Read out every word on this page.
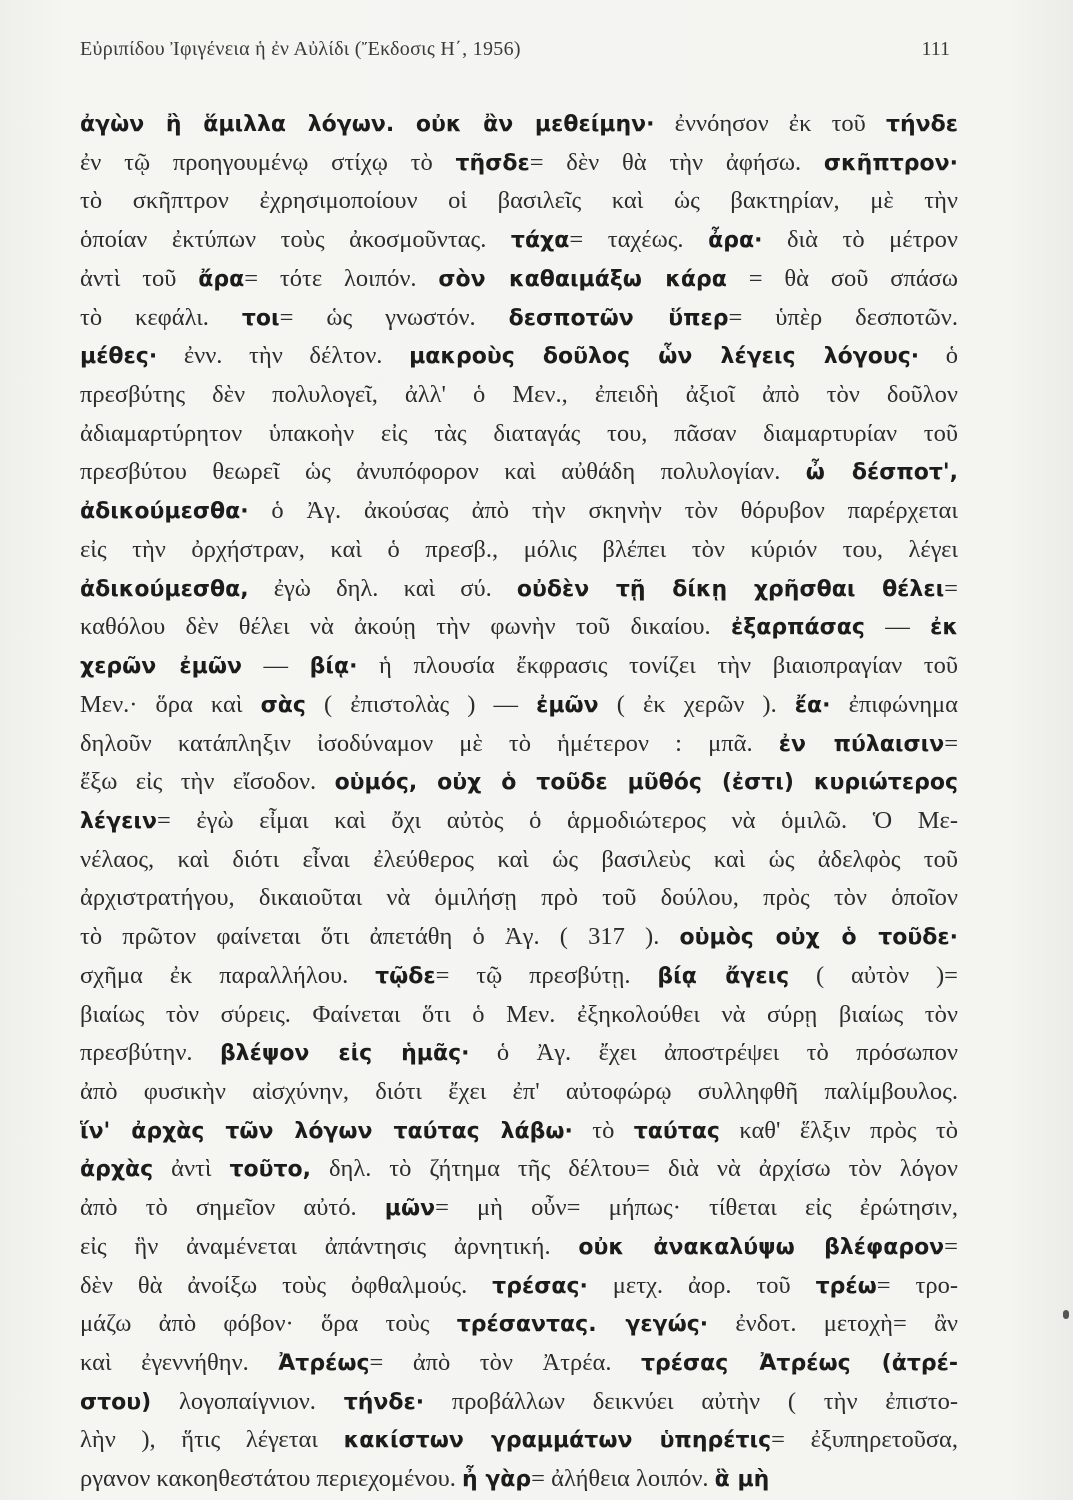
Εὐριπίδου Ἰφιγένεια ἡ ἐν Αὐλίδι (Ἔκδοσις Η΄, 1956)	111
ἀγὼν ἢ ἅμιλλα λόγων. οὐκ ἂν μεθείμην· ἐννόησον ἐκ τοῦ τήνδε
ἐν τῷ προηγουμένῳ στίχῳ τὸ τῆσδε= δὲν θὰ τὴν ἀφήσω. σκῆπτρον·
τὸ σκῆπτρον ἐχρησιμοποίουν οἱ βασιλεῖς καὶ ὡς βακτηρίαν, μὲ τὴν
ὁποίαν ἐκτύπων τοὺς ἀκοσμοῦντας. τάχα= ταχέως. ἆρα· διὰ τὸ μέτρον
ἀντὶ τοῦ ἄρα= τότε λοιπόν. σὸν καθαιμάξω κάρα = θὰ σοῦ σπάσω
τὸ κεφάλι. τοι= ὡς γνωστόν. δεσποτῶν ὕπερ= ὑπὲρ δεσποτῶν.
μέθες· ἐνν. τὴν δέλτον. μακροὺς δοῦλος ὧν λέγεις λόγους· ὁ
πρεσβύτης δὲν πολυλογεῖ, ἀλλ' ὁ Μεν., ἐπειδὴ ἀξιοῖ ἀπὸ τὸν δοῦλον
ἀδιαμαρτύρητον ὑπακοὴν εἰς τὰς διαταγάς του, πᾶσαν διαμαρτυρίαν τοῦ
πρεσβύτου θεωρεῖ ὡς ἀνυπόφορον καὶ αὐθάδη πολυλογίαν. ὦ δέσποτ',
ἀδικούμεσθα· ὁ Ἀγ. ἀκούσας ἀπὸ τὴν σκηνὴν τὸν θόρυβον παρέρχεται
εἰς τὴν ὀρχήστραν, καὶ ὁ πρεσβ., μόλις βλέπει τὸν κύριόν του, λέγει
ἀδικούμεσθα, ἐγὼ δηλ. καὶ σύ. οὐδὲν τῇ δίκῃ χρῆσθαι θέλει=
καθόλου δὲν θέλει νὰ ἀκούῃ τὴν φωνὴν τοῦ δικαίου. ἐξαρπάσας — ἐκ
χερῶν ἐμῶν — βίᾳ· ἡ πλουσία ἔκφρασις τονίζει τὴν βιαιοπραγίαν τοῦ
Μεν.· ὅρα καὶ σὰς ( ἐπιστολὰς ) — ἐμῶν ( ἐκ χερῶν ). ἔα· ἐπιφώνημα
δηλοῦν κατάπληξιν ἰσοδύναμον μὲ τὸ ἡμέτερον : μπᾶ. ἐν πύλαισιν=
ἔξω εἰς τὴν εἴσοδον. οὑμός, οὐχ ὁ τοῦδε μῦθός (ἐστι) κυριώτερος
λέγειν= ἐγὼ εἶμαι καὶ ὄχι αὐτὸς ὁ ἁρμοδιώτερος νὰ ὁμιλῶ. Ὁ Με-
νέλαος, καὶ διότι εἶναι ἐλεύθερος καὶ ὡς βασιλεὺς καὶ ὡς ἀδελφὸς τοῦ
ἀρχιστρατήγου, δικαιοῦται νὰ ὁμιλήσῃ πρὸ τοῦ δούλου, πρὸς τὸν ὁποῖον
τὸ πρῶτον φαίνεται ὅτι ἀπετάθη ὁ Ἀγ. ( 317 ). οὑμὸς οὐχ ὁ τοῦδε·
σχῆμα ἐκ παραλλήλου. τῷδε= τῷ πρεσβύτῃ. βίᾳ ἄγεις ( αὐτὸν )=
βιαίως τὸν σύρεις. Φαίνεται ὅτι ὁ Μεν. ἐξηκολούθει νὰ σύρῃ βιαίως τὸν
πρεσβύτην. βλέψον εἰς ἡμᾶς· ὁ Ἀγ. ἔχει ἀποστρέψει τὸ πρόσωπον
ἀπὸ φυσικὴν αἰσχύνην, διότι ἔχει ἐπ' αὐτοφώρῳ συλληφθῆ παλίμβουλος.
ἵν' ἀρχὰς τῶν λόγων ταύτας λάβω· τὸ ταύτας καθ' ἕλξιν πρὸς τὸ
ἀρχὰς ἀντὶ τοῦτο, δηλ. τὸ ζήτημα τῆς δέλτου= διὰ νὰ ἀρχίσω τὸν λόγον
ἀπὸ τὸ σημεῖον αὐτό. μῶν= μὴ οὖν= μήπως· τίθεται εἰς ἐρώτησιν,
εἰς ἣν ἀναμένεται ἀπάντησις ἀρνητική. οὐκ ἀνακαλύψω βλέφαρον=
δὲν θὰ ἀνοίξω τοὺς ὀφθαλμούς. τρέσας· μετχ. ἀορ. τοῦ τρέω= τρο-
μάζω ἀπὸ φόβον· ὅρα τοὺς τρέσαντας. γεγώς· ἐνδοτ. μετοχὴ= ἂν
καὶ ἐγεννήθην. Ἀτρέως= ἀπὸ τὸν Ἀτρέα. τρέσας Ἀτρέως (ἀτρέ-
στου) λογοπαίγνιον. τήνδε· προβάλλων δεικνύει αὐτὴν ( τὴν ἐπιστο-
λὴν ), ἥτις λέγεται κακίστων γραμμάτων ὑπηρέτις= ἐξυπηρετοῦσα,
ργανον κακοηθεστάτου περιεχομένου. ἦ γὰρ= ἀλήθεια λοιπόν. ἃ μὴ
